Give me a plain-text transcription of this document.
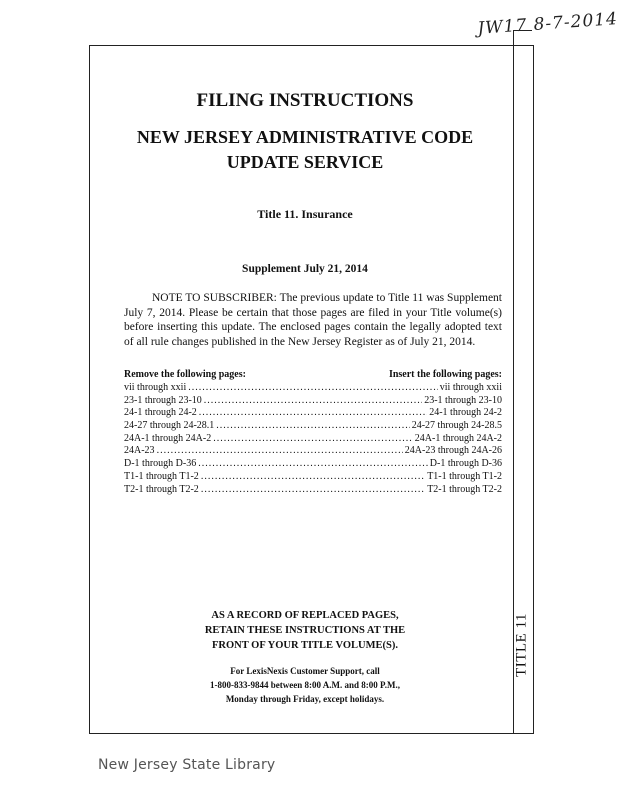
JW17 8-7-2014
TITLE 11
FILING INSTRUCTIONS
NEW JERSEY ADMINISTRATIVE CODE
UPDATE SERVICE
Title 11. Insurance
Supplement July 21, 2014
NOTE TO SUBSCRIBER: The previous update to Title 11 was Supplement July 7, 2014. Please be certain that those pages are filed in your Title volume(s) before inserting this update. The enclosed pages contain the legally adopted text of all rule changes published in the New Jersey Register as of July 21, 2014.
Remove the following pages:	Insert the following pages:
vii through xxii .....	vii through xxii
23-1 through 23-10 .....	23-1 through 23-10
24-1 through 24-2 .....	24-1 through 24-2
24-27 through 24-28.1 .....	24-27 through 24-28.5
24A-1 through 24A-2 .....	24A-1 through 24A-2
24A-23 .....	24A-23 through 24A-26
D-1 through D-36 .....	D-1 through D-36
T1-1 through T1-2 .....	T1-1 through T1-2
T2-1 through T2-2 .....	T2-1 through T2-2
AS A RECORD OF REPLACED PAGES,
RETAIN THESE INSTRUCTIONS AT THE
FRONT OF YOUR TITLE VOLUME(S).
For LexisNexis Customer Support, call
1-800-833-9844 between 8:00 A.M. and 8:00 P.M.,
Monday through Friday, except holidays.
New Jersey State Library
